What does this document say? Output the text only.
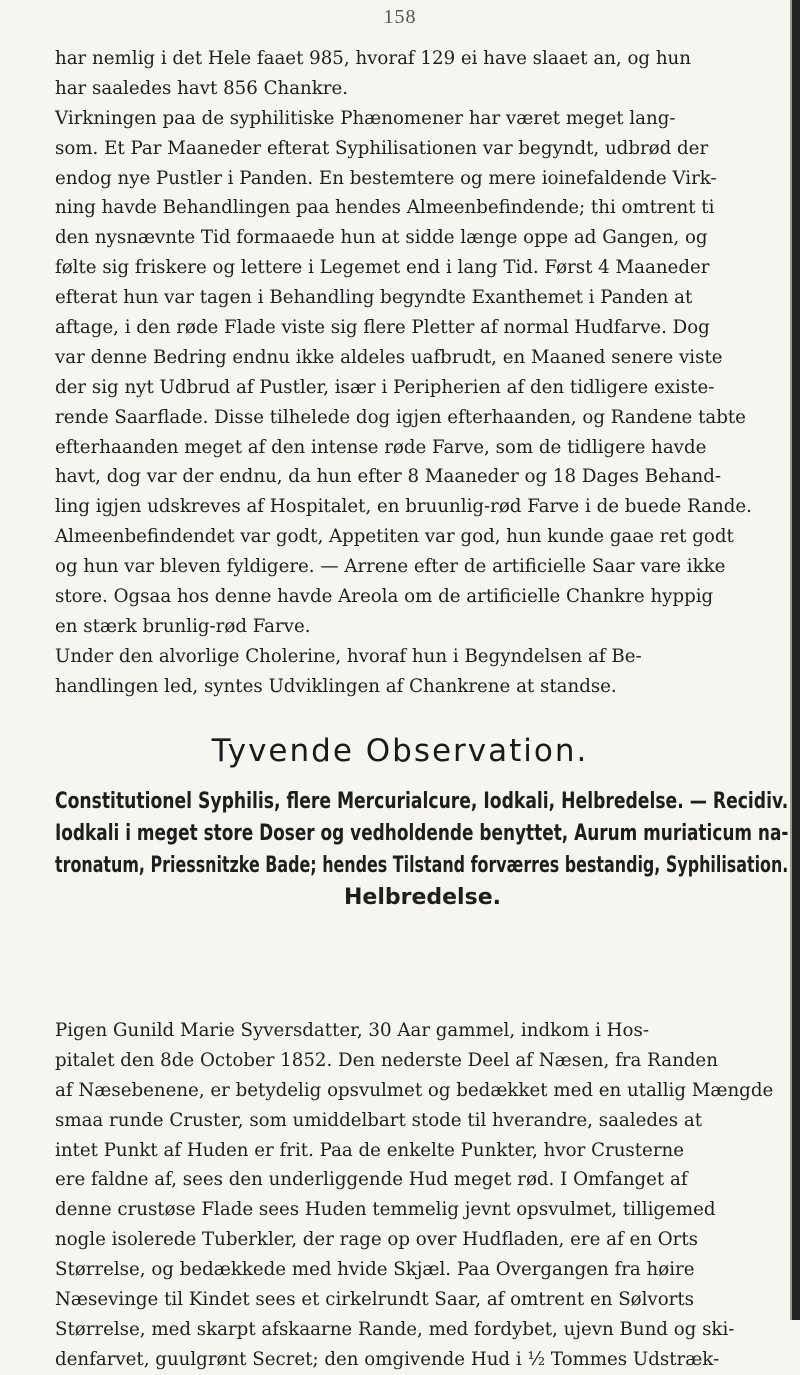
158
har nemlig i det Hele faaet 985, hvoraf 129 ei have slaaet an, og hun
har saaledes havt 856 Chankre.
Virkningen paa de syphilitiske Phænomener har været meget lang-
som. Et Par Maaneder efterat Syphilisationen var begyndt, udbrød der
endog nye Pustler i Panden. En bestemtere og mere ioinefaldende Virk-
ning havde Behandlingen paa hendes Almeenbefindende; thi omtrent ti
den nysnævnte Tid formaaede hun at sidde længe oppe ad Gangen, og
følte sig friskere og lettere i Legemet end i lang Tid. Først 4 Maaneder
efterat hun var tagen i Behandling begyndte Exanthemet i Panden at
aftage, i den røde Flade viste sig flere Pletter af normal Hudfarve. Dog
var denne Bedring endnu ikke aldeles uafbrudt, en Maaned senere viste
der sig nyt Udbrud af Pustler, især i Peripherien af den tidligere existe-
rende Saarflade. Disse tilhelede dog igjen efterhaanden, og Randene tabte
efterhaanden meget af den intense røde Farve, som de tidligere havde
havt, dog var der endnu, da hun efter 8 Maaneder og 18 Dages Behand-
ling igjen udskreves af Hospitalet, en bruunlig-rød Farve i de buede Rande.
Almeenbefindendet var godt, Appetiten var god, hun kunde gaae ret godt
og hun var bleven fyldigere. — Arrene efter de artificielle Saar vare ikke
store. Ogsaa hos denne havde Areola om de artificielle Chankre hyppig
en stærk brunlig-rød Farve.
Under den alvorlige Cholerine, hvoraf hun i Begyndelsen af Be-
handlingen led, syntes Udviklingen af Chankrene at standse.
Tyvende Observation.
Constitutionel Syphilis, flere Mercurialcure, Iodkali, Helbredelse. — Recidiv.
Iodkali i meget store Doser og vedholdende benyttet, Aurum muriaticum na-
tronatum, Priessnitzke Bade; hendes Tilstand forværres bestandig, Syphilisation.
Helbredelse.
Pigen Gunild Marie Syversdatter, 30 Aar gammel, indkom i Hos-
pitalet den 8de October 1852. Den nederste Deel af Næsen, fra Randen
af Næsebenene, er betydelig opsvulmet og bedækket med en utallig Mængde
smaa runde Cruster, som umiddelbart stode til hverandre, saaledes at
intet Punkt af Huden er frit. Paa de enkelte Punkter, hvor Crusterne
ere faldne af, sees den underliggende Hud meget rød. I Omfanget af
denne crustøse Flade sees Huden temmelig jevnt opsvulmet, tilligemed
nogle isolerede Tuberkler, der rage op over Hudfladen, ere af en Orts
Størrelse, og bedækkede med hvide Skjæl. Paa Overgangen fra høire
Næsevinge til Kindet sees et cirkelrundt Saar, af omtrent en Sølvorts
Størrelse, med skarpt afskaarne Rande, med fordybet, ujevn Bund og ski-
denfarvet, guulgrønt Secret; den omgivende Hud i ½ Tommes Udstræk-
